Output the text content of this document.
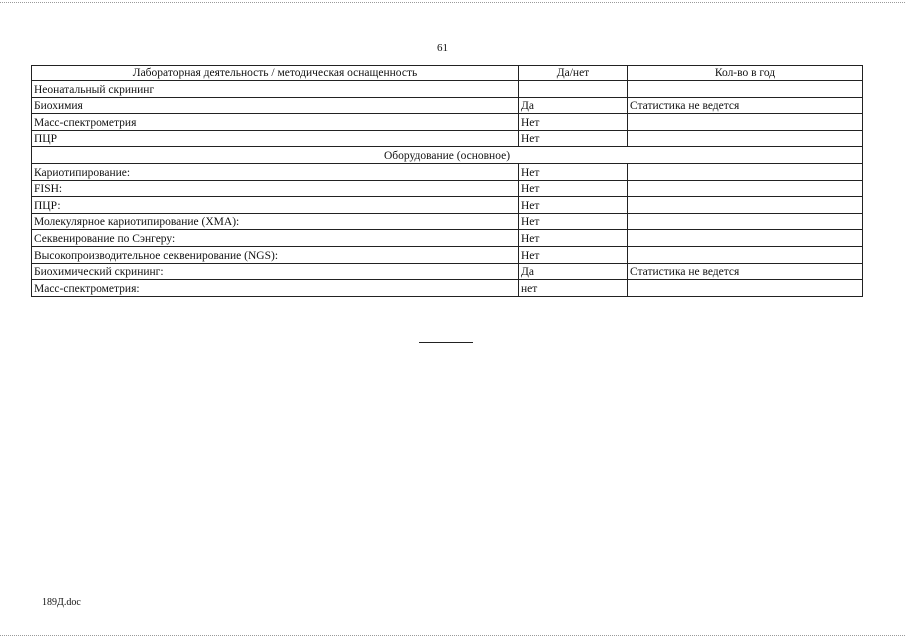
61
Лабораторная деятельность / методическая оснащенность	Да/нет	Кол-во в год
Неонатальный скрининг		
Биохимия	Да	Статистика не ведется
Масс-спектрометрия	Нет	
ПЦР	Нет	
Оборудование (основное)		
Кариотипирование:	Нет	
FISH:	Нет	
ПЦР:	Нет	
Молекулярное кариотипирование (ХМА):	Нет	
Секвенирование по Сэнгеру:	Нет	
Высокопроизводительное секвенирование (NGS):	Нет	
Биохимический скрининг:	Да	Статистика не ведется
Масс-спектрометрия:	нет	
189Д.doc
